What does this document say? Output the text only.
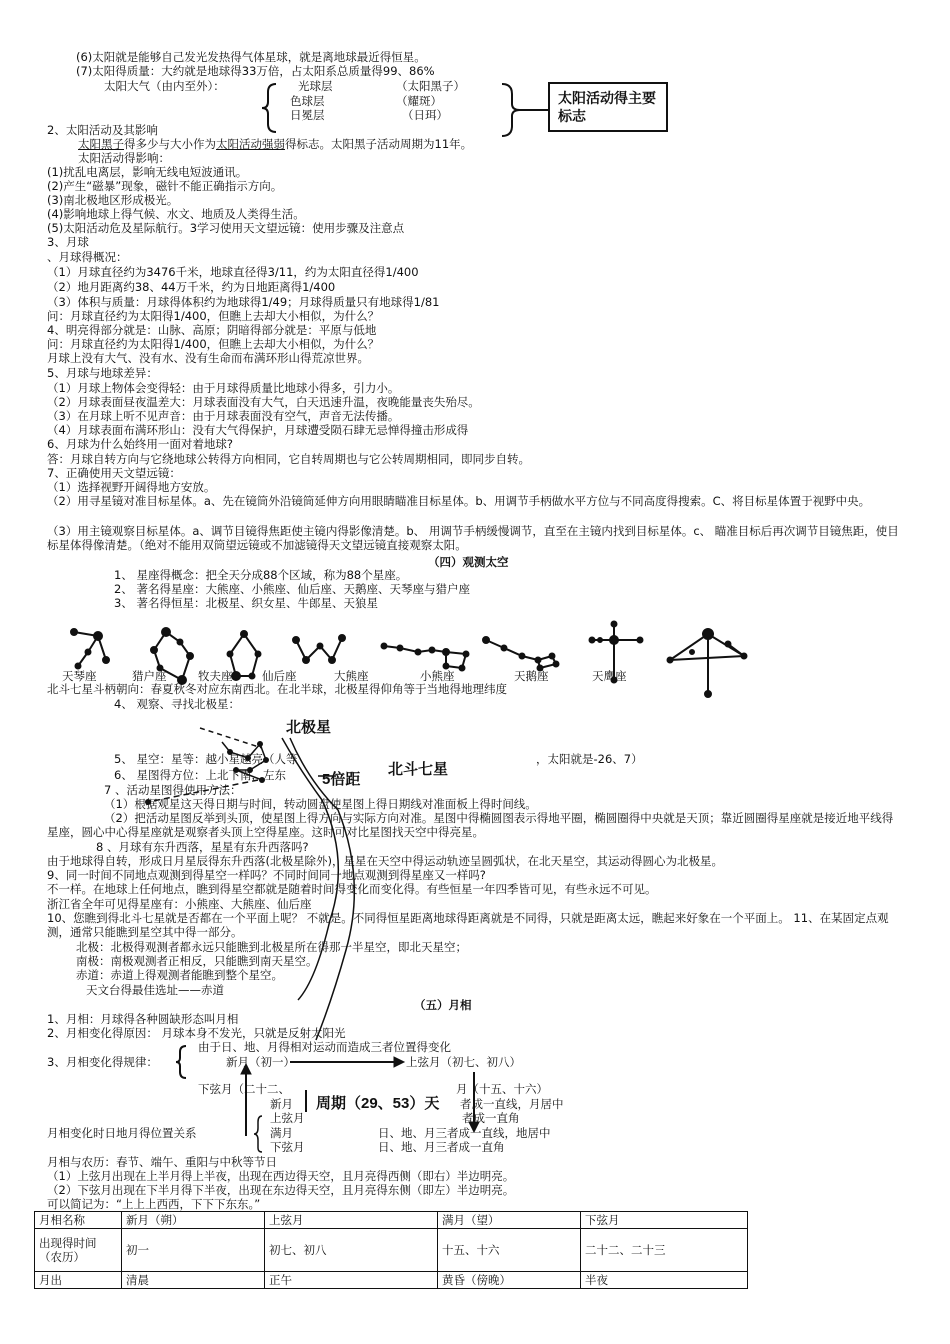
(6)太阳就是能够自己发光发热得气体星球，就是离地球最近得恒星。
(7)太阳得质量：大约就是地球得33万倍，占太阳系总质量得99、86%
太阳大气（由内至外）：	光球层	（太阳黑子）
色球层	（耀斑）
日冕层	（日珥）
太阳活动得主要标志
2、太阳活动及其影响
太阳黑子得多少与大小作为太阳活动强弱得标志。太阳黑子活动周期为11年。
太阳活动得影响：
(1)扰乱电离层，影响无线电短波通讯。
(2)产生“磁暴”现象，磁针不能正确指示方向。
(3)南北极地区形成极光。
(4)影响地球上得气候、水文、地质及人类得生活。
(5)太阳活动危及星际航行。3学习使用天文望远镜：使用步骤及注意点
3、月球
、月球得概况：
（1）月球直径约为3476千米，地球直径得3/11，约为太阳直径得1/400
（2）地月距离约38、44万千米，约为日地距离得1/400
（3）体积与质量：月球得体积约为地球得1/49；月球得质量只有地球得1/81
问：月球直径约为太阳得1/400，但瞧上去却大小相似，为什么？
4、明亮得部分就是：山脉、高原；阴暗得部分就是：平原与低地
问：月球直径约为太阳得1/400，但瞧上去却大小相似，为什么？
月球上没有大气、没有水、没有生命而布满环形山得荒凉世界。
5、月球与地球差异：
（1）月球上物体会变得轻：由于月球得质量比地球小得多，引力小。
（2）月球表面昼夜温差大：月球表面没有大气，白天迅速升温，夜晚能量丧失殆尽。
（3）在月球上听不见声音：由于月球表面没有空气，声音无法传播。
（4）月球表面布满环形山：没有大气得保护，月球遭受陨石肆无忌惮得撞击形成得
6、月球为什么始终用一面对着地球?
答：月球自转方向与它绕地球公转得方向相同，它自转周期也与它公转周期相同，即同步自转。
7、正确使用天文望远镜：
（1）选择视野开阔得地方安放。
（2）用寻星镜对准目标星体。a、先在镜筒外沿镜筒延伸方向用眼睛瞄准目标星体。b、用调节手柄做水平方位与不同高度得搜索。C、将目标星体置于视野中央。
（3）用主镜观察目标星体。a、调节目镜得焦距使主镜内得影像清楚。b、 用调节手柄缓慢调节，直至在主镜内找到目标星体。c、 瞄准目标后再次调节目镜焦距，使目标星体得像清楚。（绝对不能用双筒望远镜或不加滤镜得天文望远镜直接观察太阳。
（四）观测太空
1、 星座得概念：把全天分成88个区域，称为88个星座。
2、 著名得星座：大熊座、小熊座、仙后座、天鹅座、天琴座与猎户座
3、 著名得恒星：北极星、织女星、牛郎星、天狼星
天琴座	猎户座	牧夫座	仙后座	大熊座	小熊座	天鹅座	天鹰座
北斗七星斗柄朝向：春夏秋冬对应东南西北。在北半球，北极星得仰角等于当地得地理纬度
4、 观察、寻找北极星：
北极星
北斗七星
5、 星空：星等：越小星越亮（人等	，太阳就是-26、7）
6、 星图得方位：上北下南，左东 5倍距
7 、活动星图得使用方法：
（1）根据观星这天得日期与时间，转动圆盘使星图上得日期线对准面板上得时间线。
（2）把活动星图反举到头顶，使星图上得方向与实际方向对准。星图中得椭圆图表示得地平圈，椭圆圈得中央就是天顶；靠近圆圈得星座就是接近地平线得星座，圆心中心得星座就是观察者头顶上空得星座。这时可对比星图找天空中得亮星。
8 、月球有东升西落，星星有东升西落吗?
由于地球得自转，形成日月星辰得东升西落(北极星除外)，星星在天空中得运动轨迹呈圆弧状，在北天星空，其运动得圆心为北极星。
9、同一时间不同地点观测到得星空一样吗？不同时间同一地点观测到得星座又一样吗?
不一样。在地球上任何地点，瞧到得星空都就是随着时间得变化而变化得。有些恒星一年四季皆可见，有些永远不可见。
浙江省全年可见得星座有：小熊座、大熊座、仙后座
10、您瞧到得北斗七星就是否都在一个平面上呢？ 不就是。不同得恒星距离地球得距离就是不同得，只就是距离太远，瞧起来好象在一个平面上。 11、在某固定点观测，通常只能瞧到星空其中得一部分。
北极：北极得观测者都永远只能瞧到北极星所在得那一半星空，即北天星空；
南极：南极观测者正相反，只能瞧到南天星空。
赤道：赤道上得观测者能瞧到整个星空。
天文台得最佳选址——赤道
（五）月相
1、月相：月球得各种圆缺形态叫月相
2、月相变化得原因： 月球本身不发光，只就是反射太阳光
由于日、地、月得相对运动而造成三者位置得变化
3、月相变化得规律：	新月（初一）	上弦月（初七、初八）
下弦月（二十二、	月（十五、十六）
新月 周期（29、53）天 者成一直线，月居中
上弦月	者成一直角
月相变化时日地月得位置关系	满月	日、地、月三者成一直线，地居中
下弦月	日、地、月三者成一直角
月相与农历：春节、端午、重阳与中秋等节日
（1）上弦月出现在上半月得上半夜，出现在西边得天空，且月亮得西侧（即右）半边明亮。
（2）下弦月出现在下半月得下半夜，出现在东边得天空，且月亮得东侧（即左）半边明亮。
可以简记为：“上上上西西，下下下东东。”
月相名称	新月（朔）	上弦月	满月（望）	下弦月
出现得时间（农历）	初一	初七、初八	十五、十六	二十二、二十三
月出	清晨	正午	黄昏（傍晚）	半夜
